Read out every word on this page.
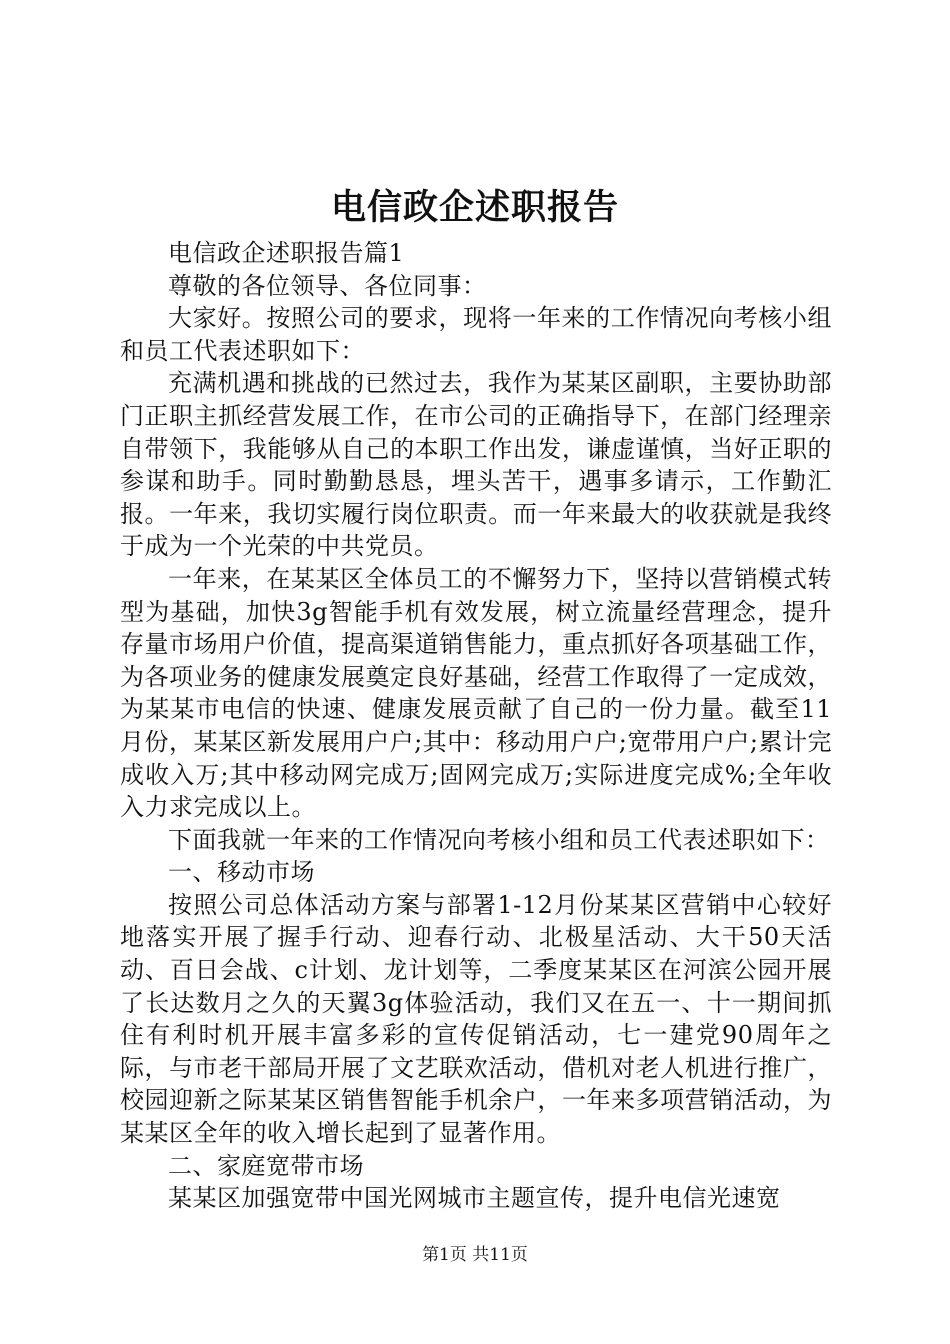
电信政企述职报告

电信政企述职报告篇1

尊敬的各位领导、各位同事：

大家好。按照公司的要求，现将一年来的工作情况向考核小组和员工代表述职如下：

充满机遇和挑战的已然过去，我作为某某区副职，主要协助部门正职主抓经营发展工作，在市公司的正确指导下，在部门经理亲自带领下，我能够从自己的本职工作出发，谦虚谨慎，当好正职的参谋和助手。同时勤勤恳恳，埋头苦干，遇事多请示，工作勤汇报。一年来，我切实履行岗位职责。而一年来最大的收获就是我终于成为一个光荣的中共党员。

一年来，在某某区全体员工的不懈努力下，坚持以营销模式转型为基础，加快3g智能手机有效发展，树立流量经营理念，提升存量市场用户价值，提高渠道销售能力，重点抓好各项基础工作，为各项业务的健康发展奠定良好基础，经营工作取得了一定成效，为某某市电信的快速、健康发展贡献了自己的一份力量。截至11月份，某某区新发展用户户;其中：移动用户户;宽带用户户;累计完成收入万;其中移动网完成万;固网完成万;实际进度完成%;全年收入力求完成以上。

下面我就一年来的工作情况向考核小组和员工代表述职如下：

一、移动市场

按照公司总体活动方案与部署1-12月份某某区营销中心较好地落实开展了握手行动、迎春行动、北极星活动、大干50天活动、百日会战、c计划、龙计划等，二季度某某区在河滨公园开展了长达数月之久的天翼3g体验活动，我们又在五一、十一期间抓住有利时机开展丰富多彩的宣传促销活动，七一建党90周年之际，与市老干部局开展了文艺联欢活动，借机对老人机进行推广，校园迎新之际某某区销售智能手机余户，一年来多项营销活动，为某某区全年的收入增长起到了显著作用。

二、家庭宽带市场

某某区加强宽带中国光网城市主题宣传，提升电信光速宽

第1页 共11页
